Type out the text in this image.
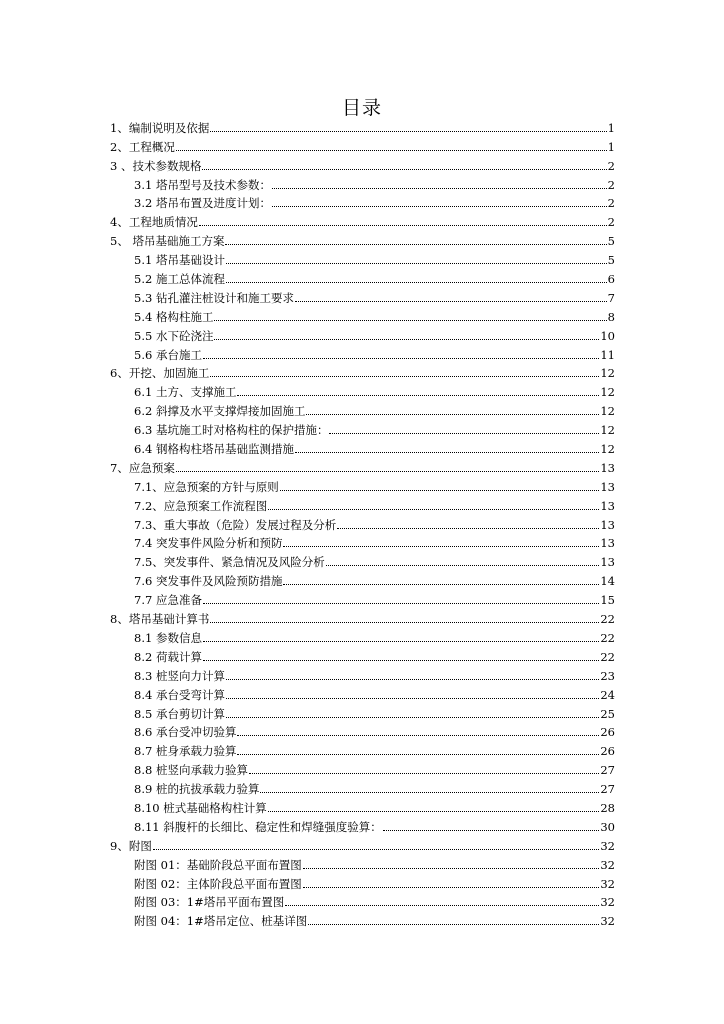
目录
1、编制说明及依据	1
2、工程概况	1
3 、技术参数规格	2
3.1 塔吊型号及技术参数：	2
3.2 塔吊布置及进度计划：	2
4、工程地质情况	2
5、 塔吊基础施工方案	5
5.1 塔吊基础设计	5
5.2 施工总体流程	6
5.3 钻孔灌注桩设计和施工要求	7
5.4 格构柱施工	8
5.5 水下砼浇注	10
5.6 承台施工	11
6、开挖、加固施工	12
6.1 土方、支撑施工	12
6.2 斜撑及水平支撑焊接加固施工	12
6.3 基坑施工时对格构柱的保护措施：	12
6.4 钢格构柱塔吊基础监测措施	12
7、应急预案	13
7.1、应急预案的方针与原则	13
7.2、应急预案工作流程图	13
7.3、重大事故（危险）发展过程及分析	13
7.4 突发事件风险分析和预防	13
7.5、突发事件、紧急情况及风险分析	13
7.6 突发事件及风险预防措施	14
7.7 应急准备	15
8、塔吊基础计算书	22
8.1 参数信息	22
8.2 荷载计算	22
8.3 桩竖向力计算	23
8.4 承台受弯计算	24
8.5 承台剪切计算	25
8.6 承台受冲切验算	26
8.7 桩身承载力验算	26
8.8 桩竖向承载力验算	27
8.9 桩的抗拔承载力验算	27
8.10 桩式基础格构柱计算	28
8.11 斜腹杆的长细比、稳定性和焊缝强度验算：	30
9、附图	32
附图 01：基础阶段总平面布置图	32
附图 02：主体阶段总平面布置图	32
附图 03：1#塔吊平面布置图	32
附图 04：1#塔吊定位、桩基详图	32
